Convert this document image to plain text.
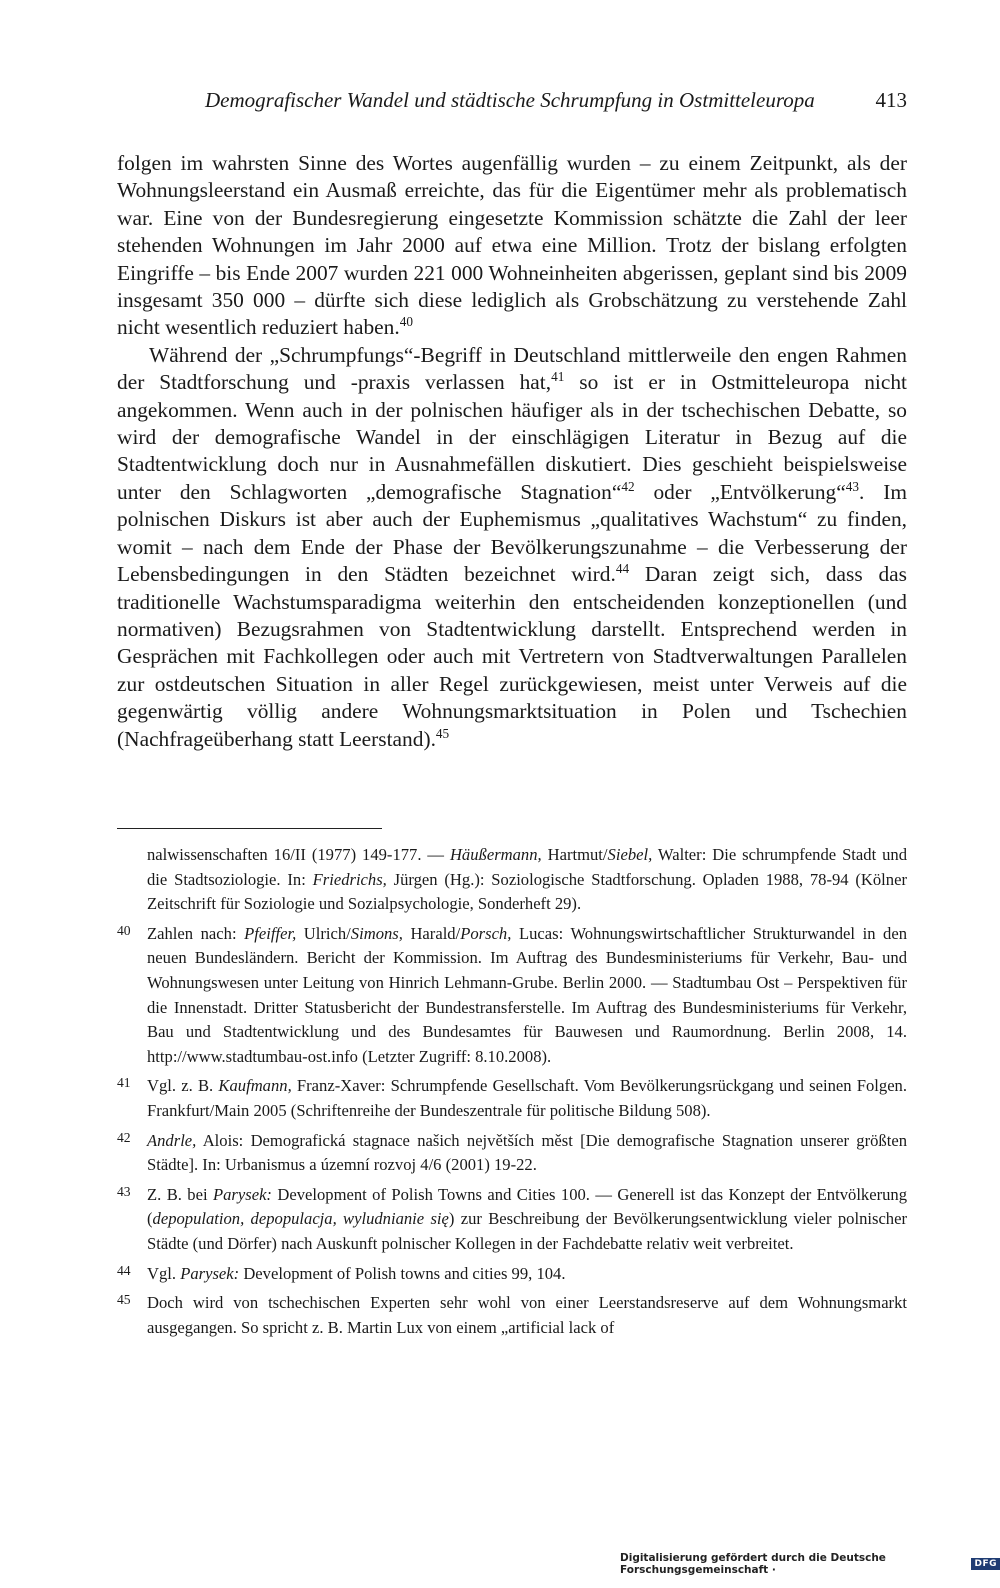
Demografischer Wandel und städtische Schrumpfung in Ostmitteleuropa	413

folgen im wahrsten Sinne des Wortes augenfällig wurden – zu einem Zeitpunkt, als der Wohnungsleerstand ein Ausmaß erreichte, das für die Eigentümer mehr als problematisch war. Eine von der Bundesregierung eingesetzte Kommission schätzte die Zahl der leer stehenden Wohnungen im Jahr 2000 auf etwa eine Million. Trotz der bislang erfolgten Eingriffe – bis Ende 2007 wurden 221 000 Wohneinheiten abgerissen, geplant sind bis 2009 insgesamt 350 000 – dürfte sich diese lediglich als Grobschätzung zu verstehende Zahl nicht wesentlich reduziert haben.$^{40}$

Während der „Schrumpfungs“-Begriff in Deutschland mittlerweile den engen Rahmen der Stadtforschung und -praxis verlassen hat,$^{41}$ so ist er in Ostmitteleuropa nicht angekommen. Wenn auch in der polnischen häufiger als in der tschechischen Debatte, so wird der demografische Wandel in der einschlägigen Literatur in Bezug auf die Stadtentwicklung doch nur in Ausnahmefällen diskutiert. Dies geschieht beispielsweise unter den Schlagworten „demografische Stagnation“$^{42}$ oder „Entvölkerung“$^{43}$. Im polnischen Diskurs ist aber auch der Euphemismus „qualitatives Wachstum“ zu finden, womit – nach dem Ende der Phase der Bevölkerungszunahme – die Verbesserung der Lebensbedingungen in den Städten bezeichnet wird.$^{44}$ Daran zeigt sich, dass das traditionelle Wachstumsparadigma weiterhin den entscheidenden konzeptionellen (und normativen) Bezugsrahmen von Stadtentwicklung darstellt. Entsprechend werden in Gesprächen mit Fachkollegen oder auch mit Vertretern von Stadtverwaltungen Parallelen zur ostdeutschen Situation in aller Regel zurückgewiesen, meist unter Verweis auf die gegenwärtig völlig andere Wohnungsmarktsituation in Polen und Tschechien (Nachfrageüberhang statt Leerstand).$^{45}$

nalwissenschaften 16/II (1977) 149-177. — Häußermann, Hartmut/Siebel, Walter: Die schrumpfende Stadt und die Stadtsoziologie. In: Friedrichs, Jürgen (Hg.): Soziologische Stadtforschung. Opladen 1988, 78-94 (Kölner Zeitschrift für Soziologie und Sozialpsychologie, Sonderheft 29).
40 Zahlen nach: Pfeiffer, Ulrich/Simons, Harald/Porsch, Lucas: Wohnungswirtschaftlicher Strukturwandel in den neuen Bundesländern. Bericht der Kommission. Im Auftrag des Bundesministeriums für Verkehr, Bau- und Wohnungswesen unter Leitung von Hinrich Lehmann-Grube. Berlin 2000. — Stadtumbau Ost – Perspektiven für die Innenstadt. Dritter Statusbericht der Bundestransferstelle. Im Auftrag des Bundesministeriums für Verkehr, Bau und Stadtentwicklung und des Bundesamtes für Bauwesen und Raumordnung. Berlin 2008, 14. http://www.stadtumbau-ost.info (Letzter Zugriff: 8.10.2008).
41 Vgl. z. B. Kaufmann, Franz-Xaver: Schrumpfende Gesellschaft. Vom Bevölkerungsrückgang und seinen Folgen. Frankfurt/Main 2005 (Schriftenreihe der Bundeszentrale für politische Bildung 508).
42 Andrle, Alois: Demografická stagnace našich největších měst [Die demografische Stagnation unserer größten Städte]. In: Urbanismus a územní rozvoj 4/6 (2001) 19-22.
43 Z. B. bei Parysek: Development of Polish Towns and Cities 100. — Generell ist das Konzept der Entvölkerung (depopulation, depopulacja, wyludnianie się) zur Beschreibung der Bevölkerungsentwicklung vieler polnischer Städte (und Dörfer) nach Auskunft polnischer Kollegen in der Fachdebatte relativ weit verbreitet.
44 Vgl. Parysek: Development of Polish towns and cities 99, 104.
45 Doch wird von tschechischen Experten sehr wohl von einer Leerstandsreserve auf dem Wohnungsmarkt ausgegangen. So spricht z. B. Martin Lux von einem „artificial lack of
Digitalisierung gefördert durch die Deutsche Forschungsgemeinschaft ·	DFG
